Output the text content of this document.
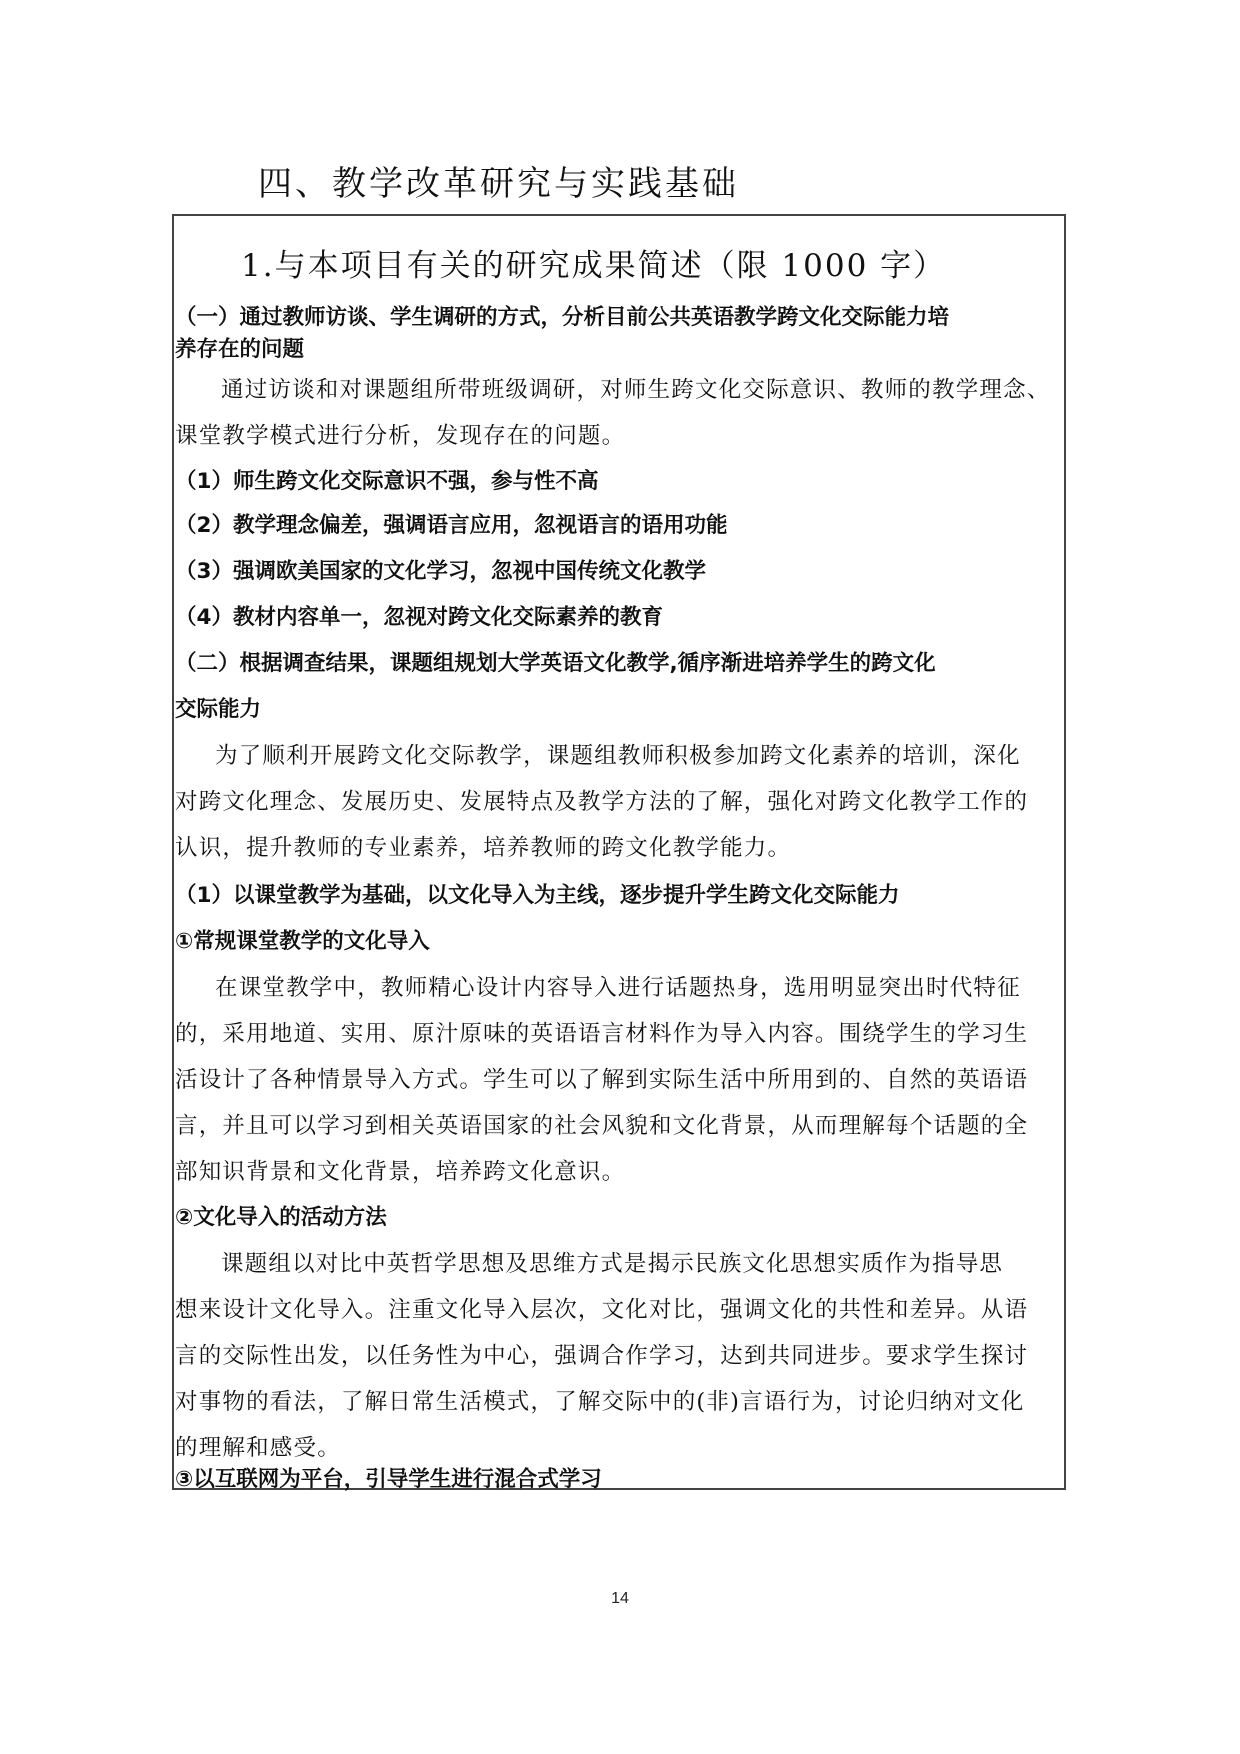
四、教学改革研究与实践基础
1.与本项目有关的研究成果简述（限 1000 字）
（一）通过教师访谈、学生调研的方式，分析目前公共英语教学跨文化交际能力培
养存在的问题
通过访谈和对课题组所带班级调研，对师生跨文化交际意识、教师的教学理念、
课堂教学模式进行分析，发现存在的问题。
（1）师生跨文化交际意识不强，参与性不高
（2）教学理念偏差，强调语言应用，忽视语言的语用功能
（3）强调欧美国家的文化学习，忽视中国传统文化教学
（4）教材内容单一，忽视对跨文化交际素养的教育
（二）根据调查结果，课题组规划大学英语文化教学,循序渐进培养学生的跨文化
交际能力
为了顺利开展跨文化交际教学，课题组教师积极参加跨文化素养的培训，深化
对跨文化理念、发展历史、发展特点及教学方法的了解，强化对跨文化教学工作的
认识，提升教师的专业素养，培养教师的跨文化教学能力。
（1）以课堂教学为基础，以文化导入为主线，逐步提升学生跨文化交际能力
①常规课堂教学的文化导入
在课堂教学中，教师精心设计内容导入进行话题热身，选用明显突出时代特征
的，采用地道、实用、原汁原味的英语语言材料作为导入内容。围绕学生的学习生
活设计了各种情景导入方式。学生可以了解到实际生活中所用到的、自然的英语语
言，并且可以学习到相关英语国家的社会风貌和文化背景，从而理解每个话题的全
部知识背景和文化背景，培养跨文化意识。
②文化导入的活动方法
课题组以对比中英哲学思想及思维方式是揭示民族文化思想实质作为指导思
想来设计文化导入。注重文化导入层次，文化对比，强调文化的共性和差异。从语
言的交际性出发，以任务性为中心，强调合作学习，达到共同进步。要求学生探讨
对事物的看法，了解日常生活模式，了解交际中的(非)言语行为，讨论归纳对文化
的理解和感受。
③以互联网为平台，引导学生进行混合式学习
14
